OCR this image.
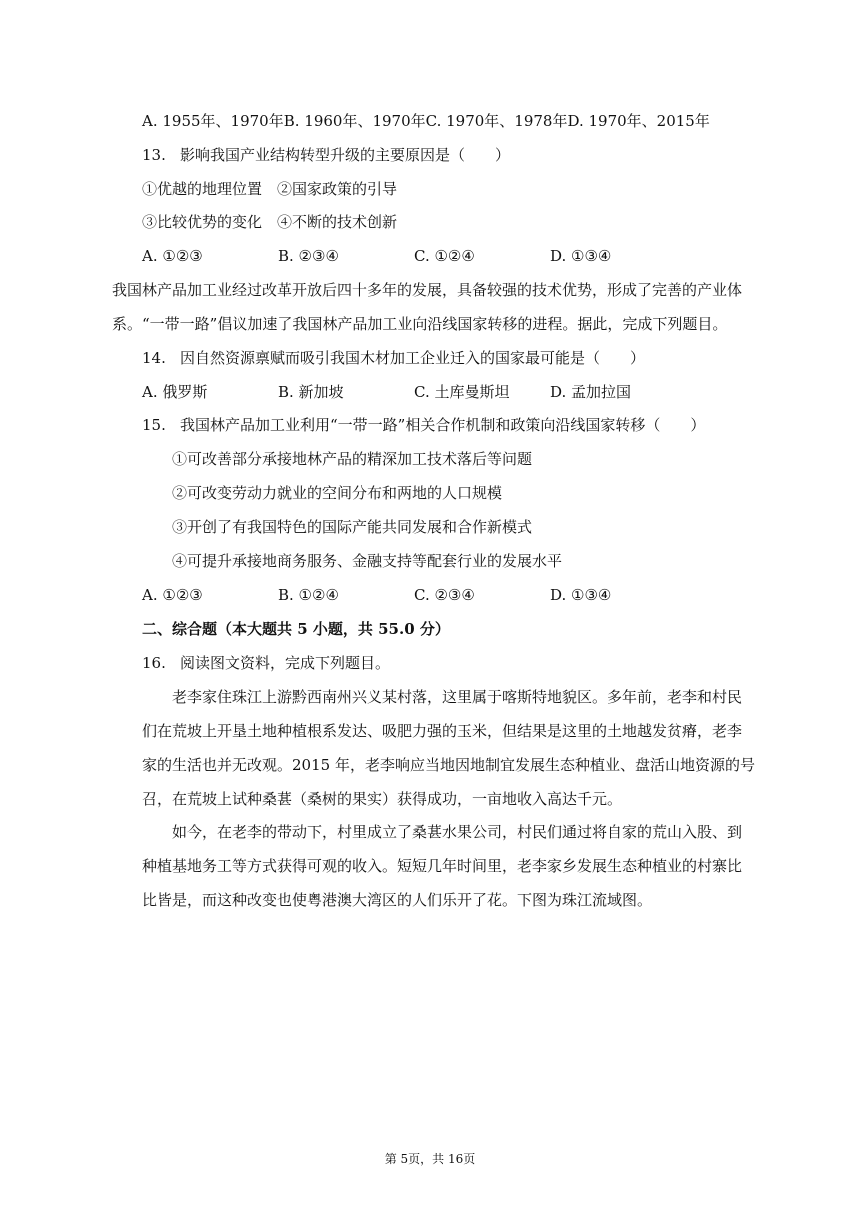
A. 1955年、1970年B. 1960年、1970年C. 1970年、1978年D. 1970年、2015年
13. 影响我国产业结构转型升级的主要原因是（　　）
①优越的地理位置　②国家政策的引导
③比较优势的变化　④不断的技术创新
A. ①②③	B. ②③④	C. ①②④	D. ①③④
我国林产品加工业经过改革开放后四十多年的发展，具备较强的技术优势，形成了完善的产业体
系。“一带一路”倡议加速了我国林产品加工业向沿线国家转移的进程。据此，完成下列题目。
14. 因自然资源禀赋而吸引我国木材加工企业迁入的国家最可能是（　　）
A. 俄罗斯	B. 新加坡	C. 土库曼斯坦	D. 孟加拉国
15. 我国林产品加工业利用“一带一路”相关合作机制和政策向沿线国家转移（　　）
①可改善部分承接地林产品的精深加工技术落后等问题
②可改变劳动力就业的空间分布和两地的人口规模
③开创了有我国特色的国际产能共同发展和合作新模式
④可提升承接地商务服务、金融支持等配套行业的发展水平
A. ①②③	B. ①②④	C. ②③④	D. ①③④
二、综合题（本大题共 5 小题，共 55.0 分）
16. 阅读图文资料，完成下列题目。
老李家住珠江上游黔西南州兴义某村落，这里属于喀斯特地貌区。多年前，老李和村民
们在荒坡上开垦土地种植根系发达、吸肥力强的玉米，但结果是这里的土地越发贫瘠，老李
家的生活也并无改观。2015 年，老李响应当地因地制宜发展生态种植业、盘活山地资源的号
召，在荒坡上试种桑葚（桑树的果实）获得成功，一亩地收入高达千元。
如今，在老李的带动下，村里成立了桑葚水果公司，村民们通过将自家的荒山入股、到
种植基地务工等方式获得可观的收入。短短几年时间里，老李家乡发展生态种植业的村寨比
比皆是，而这种改变也使粤港澳大湾区的人们乐开了花。下图为珠江流域图。
第 5页，共 16页
